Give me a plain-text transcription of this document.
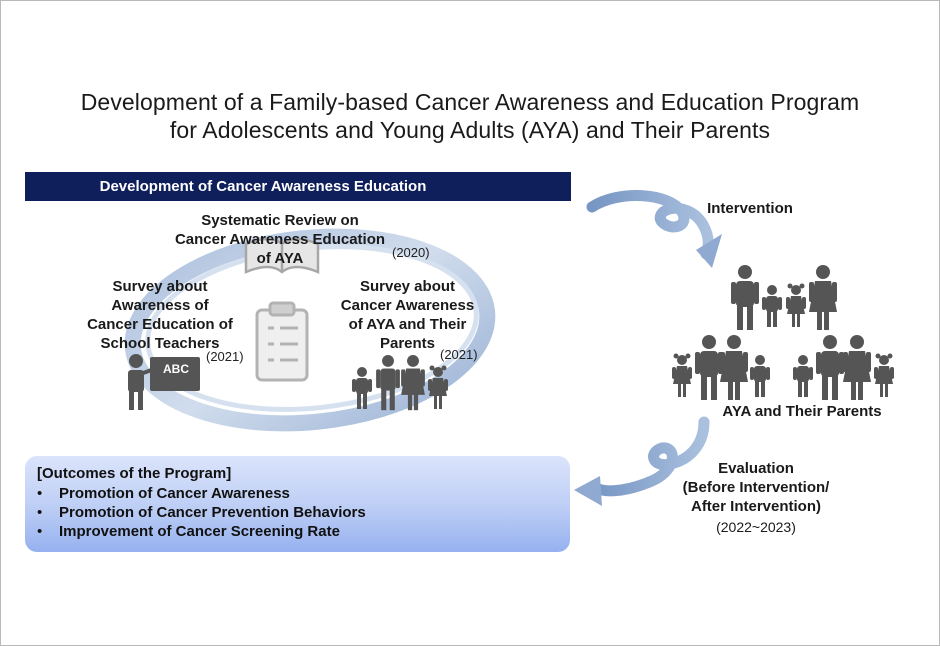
Development of a Family-based Cancer Awareness and Education Program
for Adolescents and Young Adults (AYA) and Their Parents
Development of Cancer Awareness Education
Systematic Review on
Cancer Awareness Education
of AYA	(2020)
Survey about
Awareness of
Cancer Education of
School Teachers
(2021)
ABC
Survey about
Cancer Awareness
of AYA and Their
Parents
(2021)
Intervention
AYA and Their Parents
Evaluation
(Before Intervention/
After Intervention)
(2022~2023)
[Outcomes of the Program]
• Promotion of Cancer Awareness
• Promotion of Cancer Prevention Behaviors
• Improvement of Cancer Screening Rate
